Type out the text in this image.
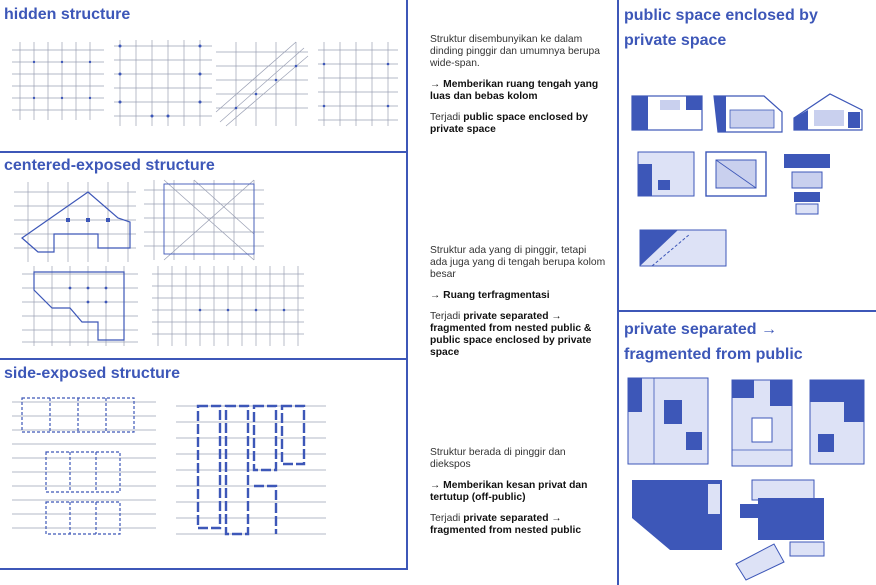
hidden structure
centered-exposed structure
side-exposed structure
public space enclosed by private space
private separated → fragmented from public

Struktur disembunyikan ke dalam dinding pinggir dan umumnya berupa wide-span.

→ Memberikan ruang tengah yang luas dan bebas kolom

Terjadi public space enclosed by private space

Struktur ada yang di pinggir, tetapi ada juga yang di tengah berupa kolom besar

→ Ruang terfragmentasi

Terjadi private separated → fragmented from nested public & public space enclosed by private space

Struktur berada di pinggir dan diekspos

→ Memberikan kesan privat dan tertutup (off-public)

Terjadi private separated → fragmented from nested public
